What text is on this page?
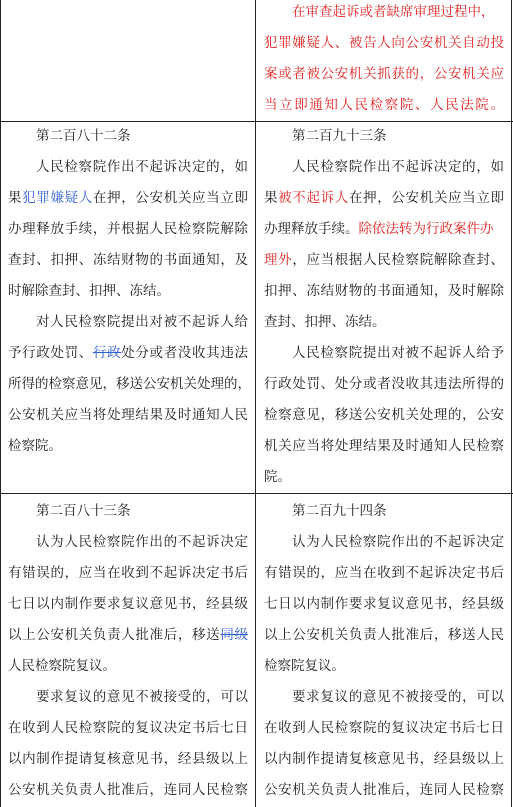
在审查起诉或者缺席审理过程中，
犯罪嫌疑人、被告人向公安机关自动投
案或者被公安机关抓获的，公安机关应
当立即通知人民检察院、人民法院。
第二百八十二条
人民检察院作出不起诉决定的，如
果犯罪嫌疑人在押，公安机关应当立即
办理释放手续，并根据人民检察院解除
查封、扣押、冻结财物的书面通知，及
时解除查封、扣押、冻结。
对人民检察院提出对被不起诉人给
予行政处罚、行政处分或者没收其违法
所得的检察意见，移送公安机关处理的，
公安机关应当将处理结果及时通知人民
检察院。
第二百九十三条
人民检察院作出不起诉决定的，如
果被不起诉人在押，公安机关应当立即
办理释放手续。除依法转为行政案件办
理外，应当根据人民检察院解除查封、
扣押、冻结财物的书面通知，及时解除
查封、扣押、冻结。
人民检察院提出对被不起诉人给予
行政处罚、处分或者没收其违法所得的
检察意见，移送公安机关处理的，公安
机关应当将处理结果及时通知人民检察
院。
第二百八十三条
认为人民检察院作出的不起诉决定
有错误的，应当在收到不起诉决定书后
七日以内制作要求复议意见书，经县级
以上公安机关负责人批准后，移送同级
人民检察院复议。
要求复议的意见不被接受的，可以
在收到人民检察院的复议决定书后七日
以内制作提请复核意见书，经县级以上
公安机关负责人批准后，连同人民检察
第二百九十四条
认为人民检察院作出的不起诉决定
有错误的，应当在收到不起诉决定书后
七日以内制作要求复议意见书，经县级
以上公安机关负责人批准后，移送人民
检察院复议。
要求复议的意见不被接受的，可以
在收到人民检察院的复议决定书后七日
以内制作提请复核意见书，经县级以上
公安机关负责人批准后，连同人民检察
